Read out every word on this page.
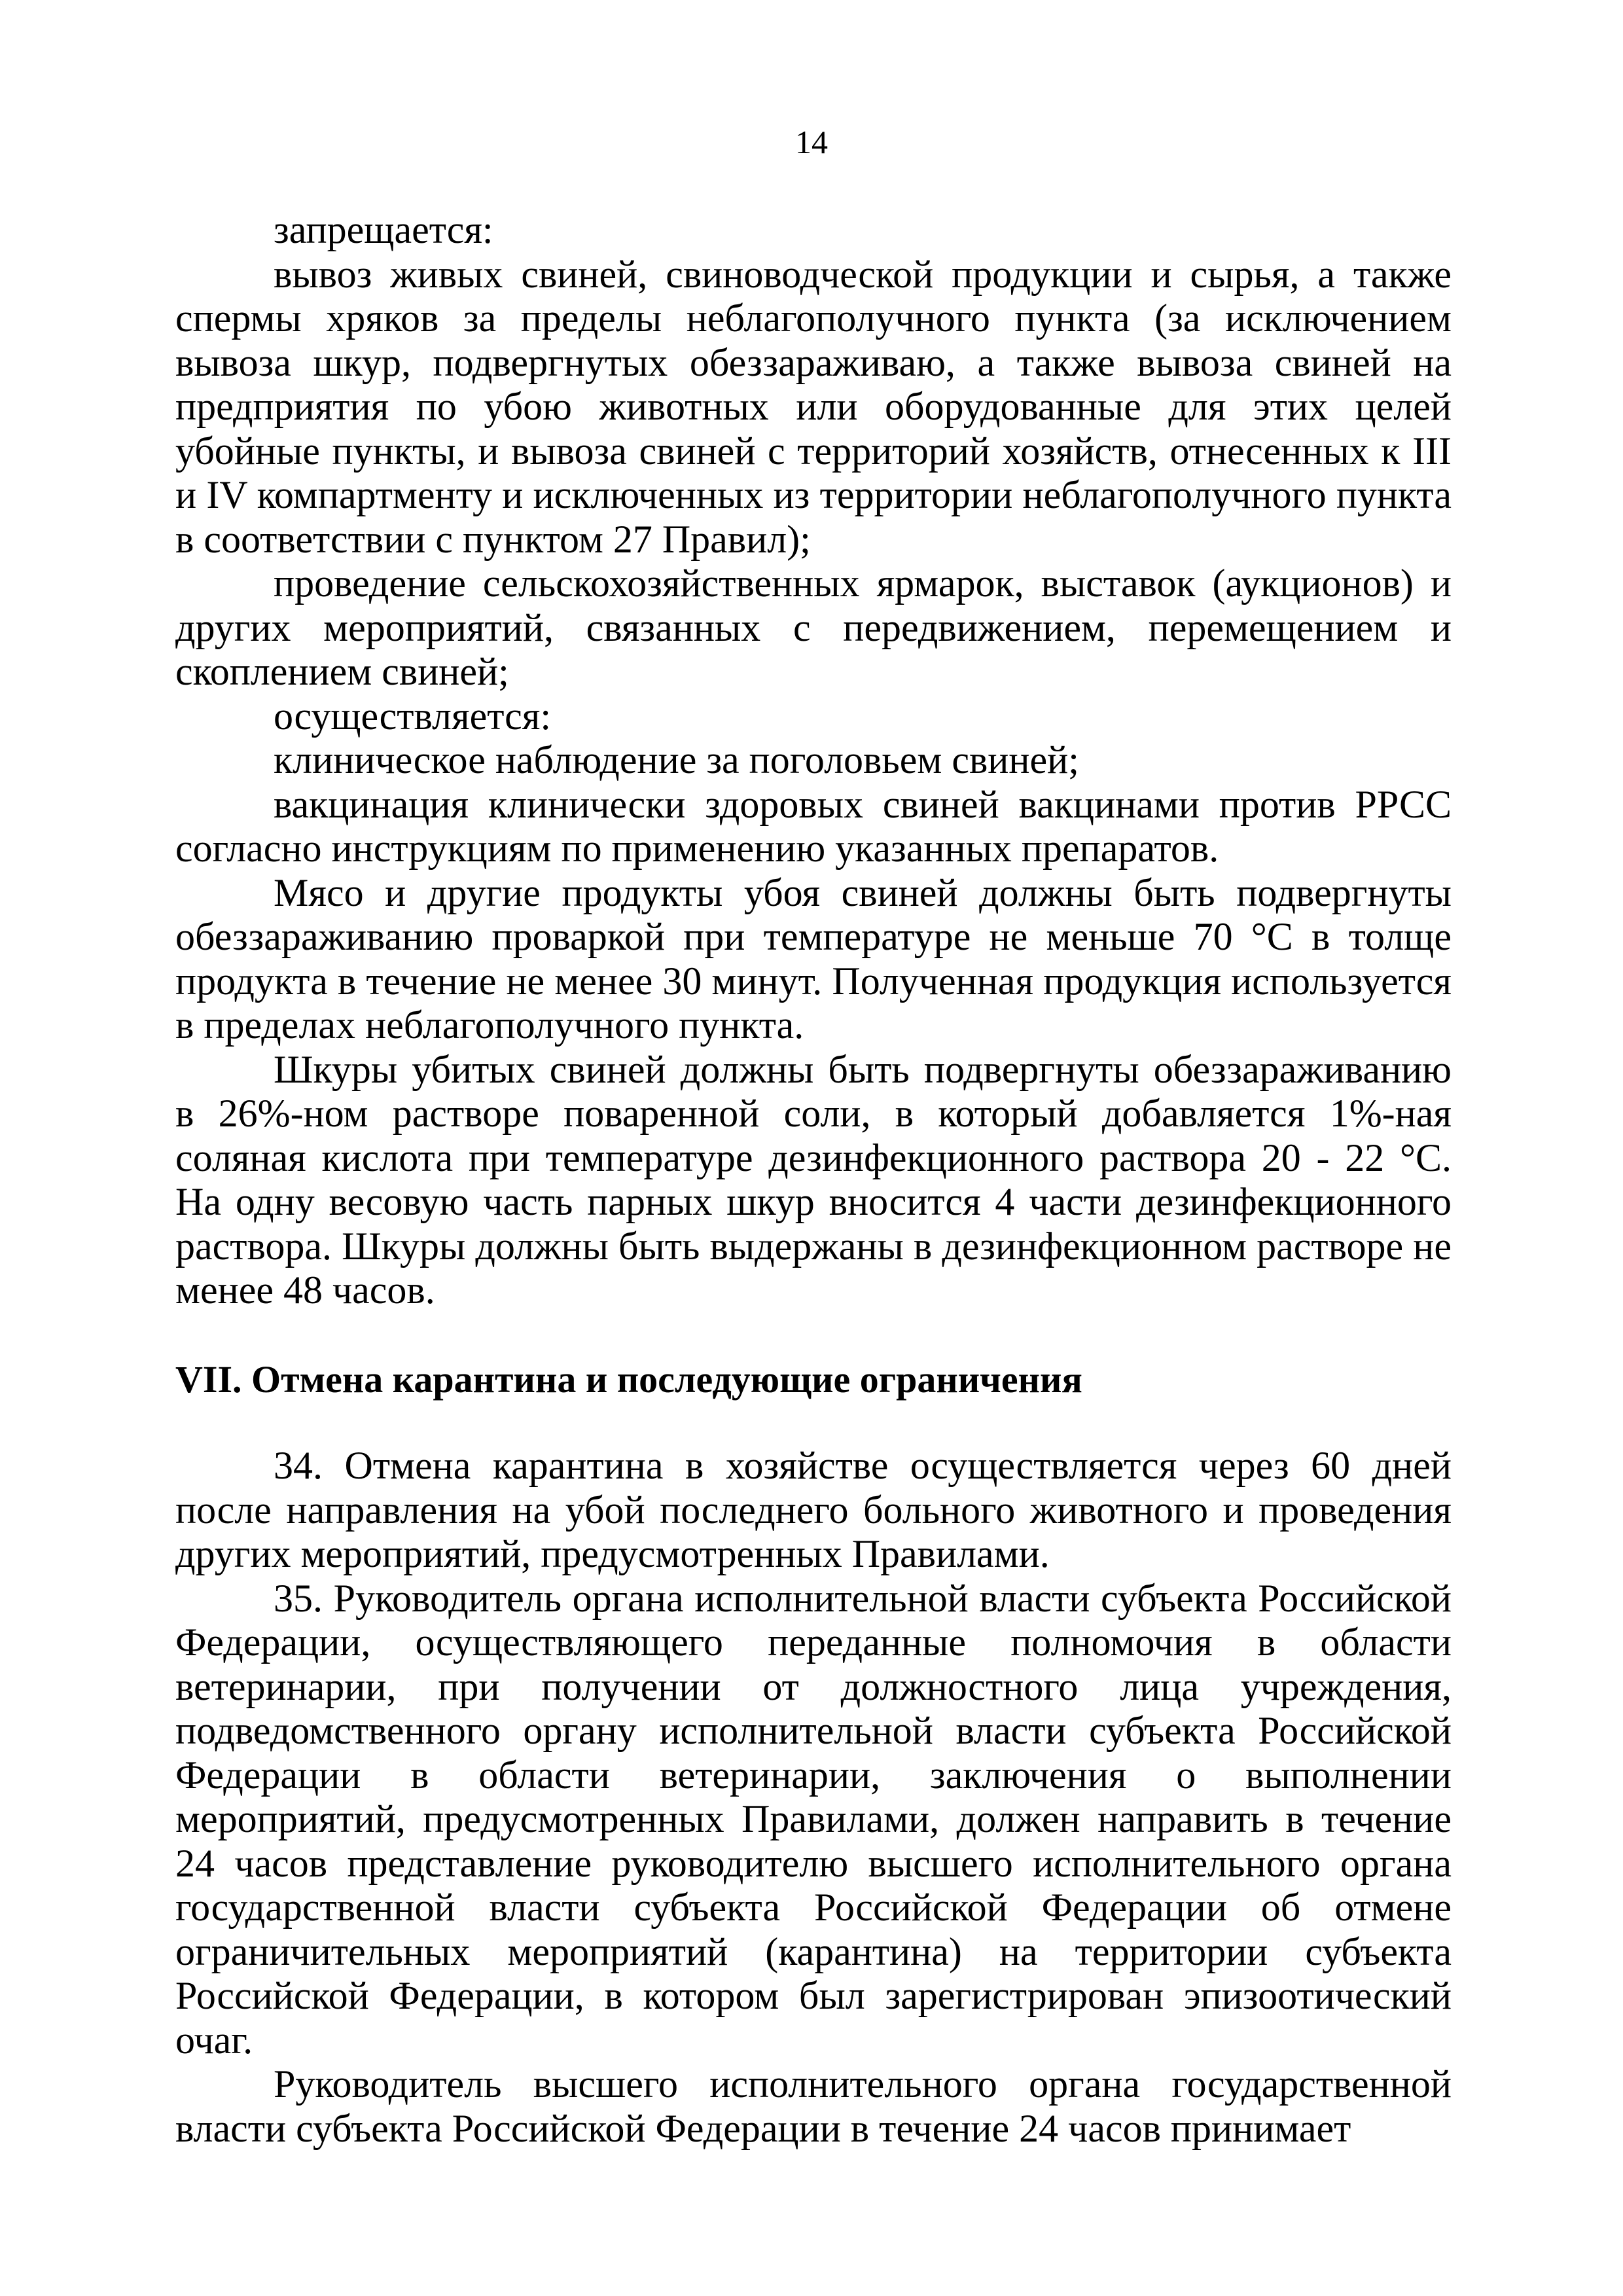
14

запрещается:

вывоз живых свиней, свиноводческой продукции и сырья, а также спермы хряков за пределы неблагополучного пункта (за исключением вывоза шкур, подвергнутых обеззараживаю, а также вывоза свиней на предприятия по убою животных или оборудованные для этих целей убойные пункты, и вывоза свиней с территорий хозяйств, отнесенных к III и IV компартменту и исключенных из территории неблагополучного пункта в соответствии с пунктом 27 Правил);

проведение сельскохозяйственных ярмарок, выставок (аукционов) и других мероприятий, связанных с передвижением, перемещением и скоплением свиней;

осуществляется:

клиническое наблюдение за поголовьем свиней;

вакцинация клинически здоровых свиней вакцинами против РРСС согласно инструкциям по применению указанных препаратов.

Мясо и другие продукты убоя свиней должны быть подвергнуты обеззараживанию проваркой при температуре не меньше 70 °С в толще продукта в течение не менее 30 минут. Полученная продукция используется в пределах неблагополучного пункта.

Шкуры убитых свиней должны быть подвергнуты обеззараживанию в 26%-ном растворе поваренной соли, в который добавляется 1%-ная соляная кислота при температуре дезинфекционного раствора 20 - 22 °С. На одну весовую часть парных шкур вносится 4 части дезинфекционного раствора. Шкуры должны быть выдержаны в дезинфекционном растворе не менее 48 часов.

VII. Отмена карантина и последующие ограничения

34. Отмена карантина в хозяйстве осуществляется через 60 дней после направления на убой последнего больного животного и проведения других мероприятий, предусмотренных Правилами.

35. Руководитель органа исполнительной власти субъекта Российской Федерации, осуществляющего переданные полномочия в области ветеринарии, при получении от должностного лица учреждения, подведомственного органу исполнительной власти субъекта Российской Федерации в области ветеринарии, заключения о выполнении мероприятий, предусмотренных Правилами, должен направить в течение 24 часов представление руководителю высшего исполнительного органа государственной власти субъекта Российской Федерации об отмене ограничительных мероприятий (карантина) на территории субъекта Российской Федерации, в котором был зарегистрирован эпизоотический очаг.

Руководитель высшего исполнительного органа государственной власти субъекта Российской Федерации в течение 24 часов принимает
